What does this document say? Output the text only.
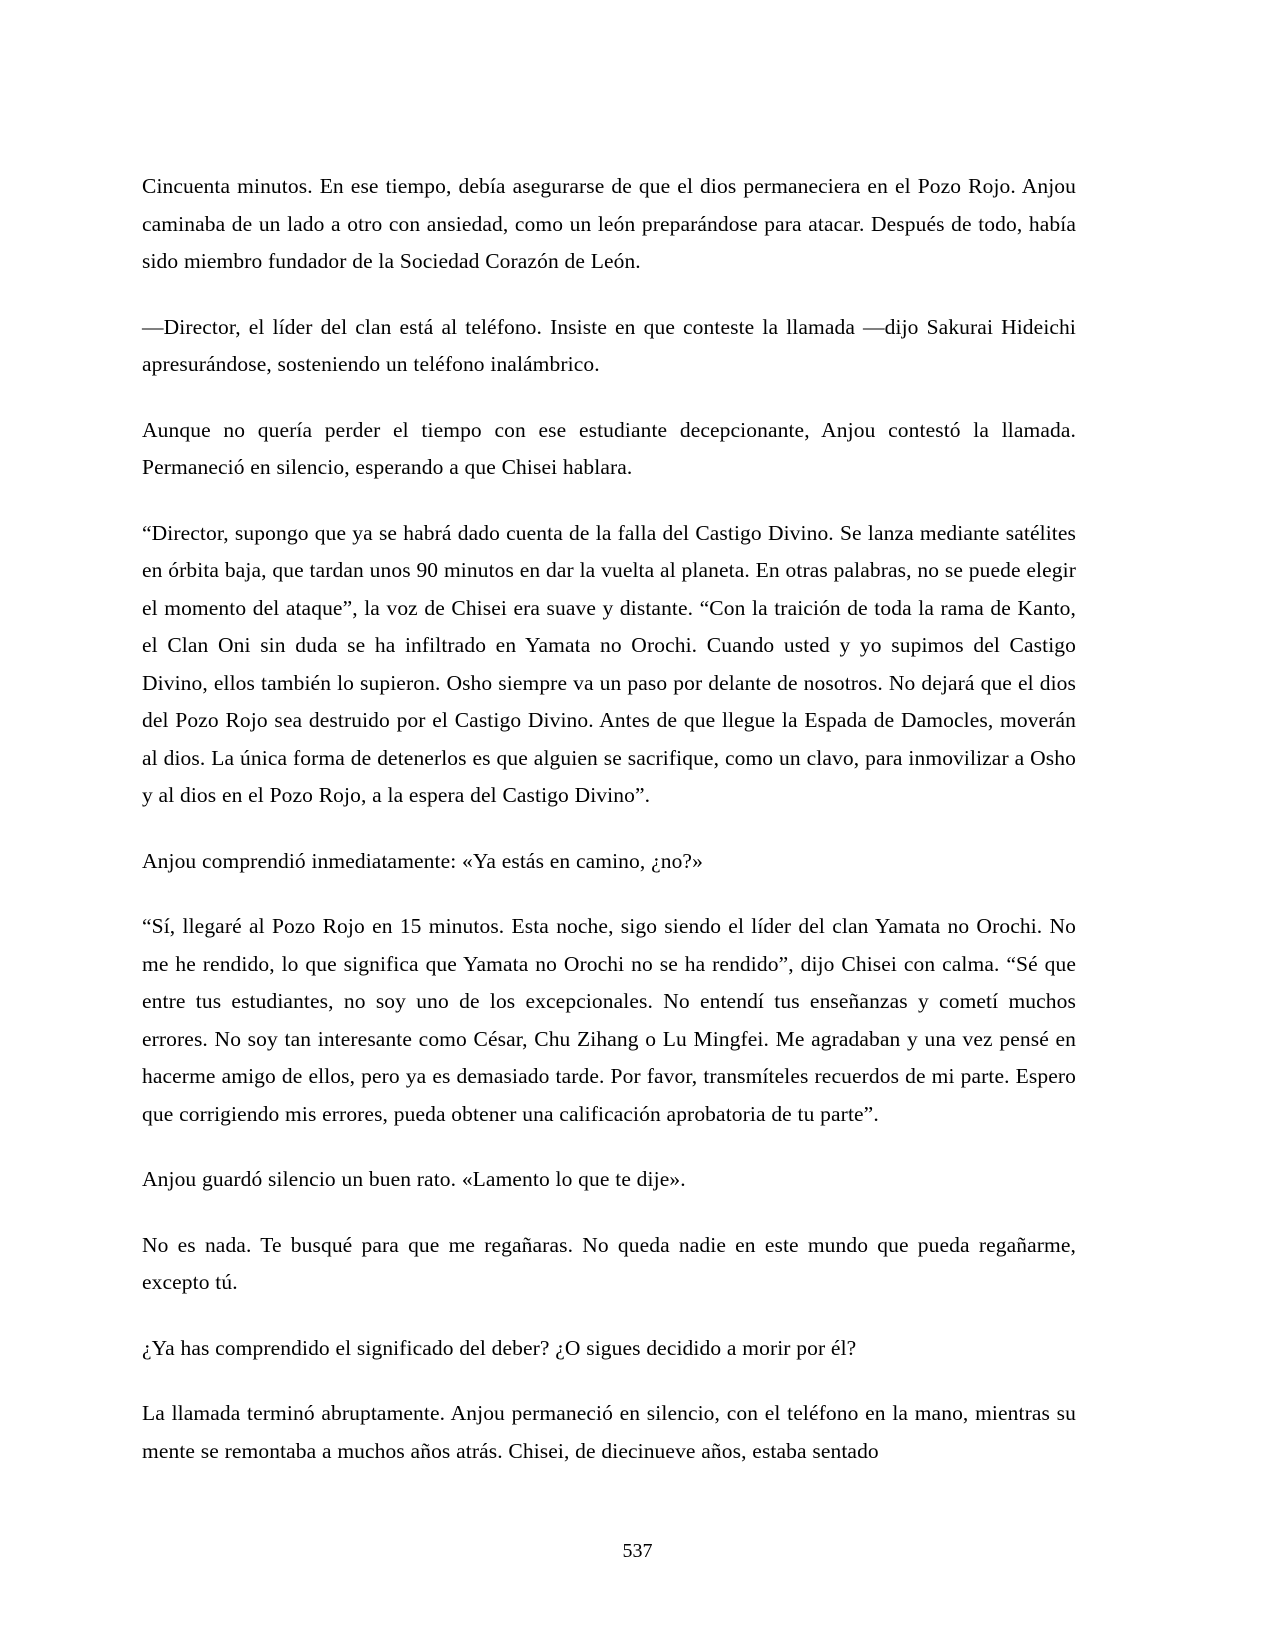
Cincuenta minutos. En ese tiempo, debía asegurarse de que el dios permaneciera en el Pozo Rojo. Anjou caminaba de un lado a otro con ansiedad, como un león preparándose para atacar. Después de todo, había sido miembro fundador de la Sociedad Corazón de León.

—Director, el líder del clan está al teléfono. Insiste en que conteste la llamada —dijo Sakurai Hideichi apresurándose, sosteniendo un teléfono inalámbrico.

Aunque no quería perder el tiempo con ese estudiante decepcionante, Anjou contestó la llamada. Permaneció en silencio, esperando a que Chisei hablara.

“Director, supongo que ya se habrá dado cuenta de la falla del Castigo Divino. Se lanza mediante satélites en órbita baja, que tardan unos 90 minutos en dar la vuelta al planeta. En otras palabras, no se puede elegir el momento del ataque”, la voz de Chisei era suave y distante. “Con la traición de toda la rama de Kanto, el Clan Oni sin duda se ha infiltrado en Yamata no Orochi. Cuando usted y yo supimos del Castigo Divino, ellos también lo supieron. Osho siempre va un paso por delante de nosotros. No dejará que el dios del Pozo Rojo sea destruido por el Castigo Divino. Antes de que llegue la Espada de Damocles, moverán al dios. La única forma de detenerlos es que alguien se sacrifique, como un clavo, para inmovilizar a Osho y al dios en el Pozo Rojo, a la espera del Castigo Divino”.

Anjou comprendió inmediatamente: «Ya estás en camino, ¿no?»

“Sí, llegaré al Pozo Rojo en 15 minutos. Esta noche, sigo siendo el líder del clan Yamata no Orochi. No me he rendido, lo que significa que Yamata no Orochi no se ha rendido”, dijo Chisei con calma. “Sé que entre tus estudiantes, no soy uno de los excepcionales. No entendí tus enseñanzas y cometí muchos errores. No soy tan interesante como César, Chu Zihang o Lu Mingfei. Me agradaban y una vez pensé en hacerme amigo de ellos, pero ya es demasiado tarde. Por favor, transmíteles recuerdos de mi parte. Espero que corrigiendo mis errores, pueda obtener una calificación aprobatoria de tu parte”.

Anjou guardó silencio un buen rato. «Lamento lo que te dije».

No es nada. Te busqué para que me regañaras. No queda nadie en este mundo que pueda regañarme, excepto tú.

¿Ya has comprendido el significado del deber? ¿O sigues decidido a morir por él?

La llamada terminó abruptamente. Anjou permaneció en silencio, con el teléfono en la mano, mientras su mente se remontaba a muchos años atrás. Chisei, de diecinueve años, estaba sentado

537
